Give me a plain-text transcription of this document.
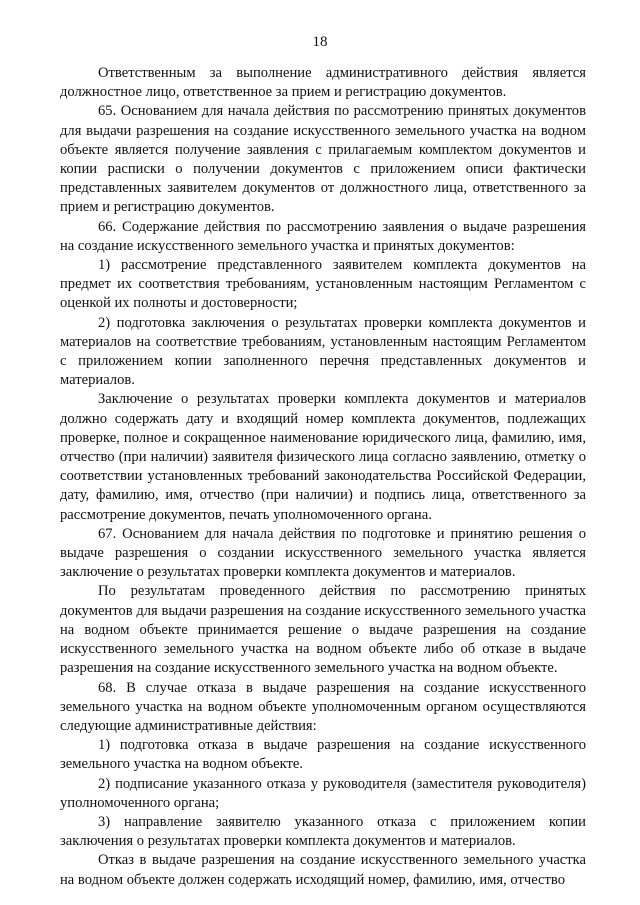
18

Ответственным за выполнение административного действия является должностное лицо, ответственное за прием и регистрацию документов.

65. Основанием для начала действия по рассмотрению принятых документов для выдачи разрешения на создание искусственного земельного участка на водном объекте является получение заявления с прилагаемым комплектом документов и копии расписки о получении документов с приложением описи фактически представленных заявителем документов от должностного лица, ответственного за прием и регистрацию документов.

66. Содержание действия по рассмотрению заявления о выдаче разрешения на создание искусственного земельного участка и принятых документов:

1) рассмотрение представленного заявителем комплекта документов на предмет их соответствия требованиям, установленным настоящим Регламентом с оценкой их полноты и достоверности;

2) подготовка заключения о результатах проверки комплекта документов и материалов на соответствие требованиям, установленным настоящим Регламентом с приложением копии заполненного перечня представленных документов и материалов.

Заключение о результатах проверки комплекта документов и материалов должно содержать дату и входящий номер комплекта документов, подлежащих проверке, полное и сокращенное наименование юридического лица, фамилию, имя, отчество (при наличии) заявителя физического лица согласно заявлению, отметку о соответствии установленных требований законодательства Российской Федерации, дату, фамилию, имя, отчество (при наличии) и подпись лица, ответственного за рассмотрение документов, печать уполномоченного органа.

67. Основанием для начала действия по подготовке и принятию решения о выдаче разрешения о создании искусственного земельного участка является заключение о результатах проверки комплекта документов и материалов.

По результатам проведенного действия по рассмотрению принятых документов для выдачи разрешения на создание искусственного земельного участка на водном объекте принимается решение о выдаче разрешения на создание искусственного земельного участка на водном объекте либо об отказе в выдаче разрешения на создание искусственного земельного участка на водном объекте.

68. В случае отказа в выдаче разрешения на создание искусственного земельного участка на водном объекте уполномоченным органом осуществляются следующие административные действия:

1) подготовка отказа в выдаче разрешения на создание искусственного земельного участка на водном объекте.

2) подписание указанного отказа у руководителя (заместителя руководителя) уполномоченного органа;

3) направление заявителю указанного отказа с приложением копии заключения о результатах проверки комплекта документов и материалов.

Отказ в выдаче разрешения на создание искусственного земельного участка на водном объекте должен содержать исходящий номер, фамилию, имя, отчество
